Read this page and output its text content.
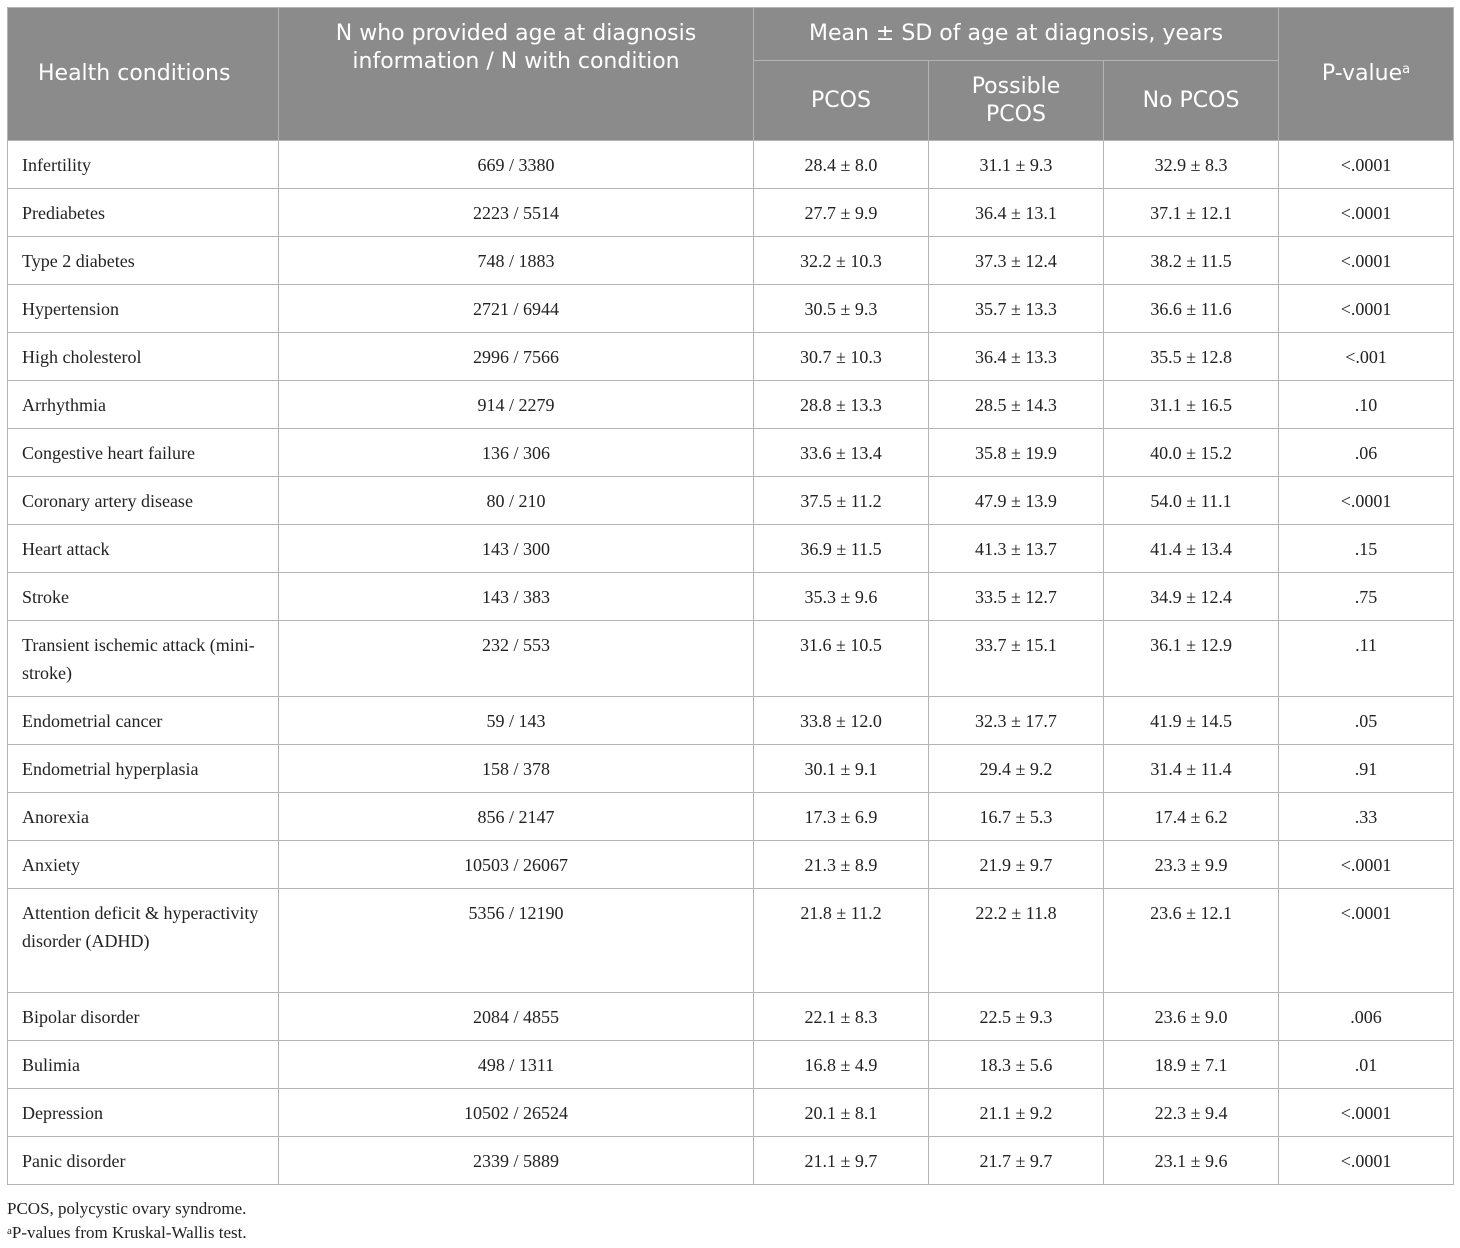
Health conditions	N who provided age at diagnosis information / N with condition	Mean ± SD of age at diagnosis, years			P-value$^a$
		PCOS	Possible PCOS	No PCOS	
Infertility	669 / 3380	28.4 ± 8.0	31.1 ± 9.3	32.9 ± 8.3	<.0001
Prediabetes	2223 / 5514	27.7 ± 9.9	36.4 ± 13.1	37.1 ± 12.1	<.0001
Type 2 diabetes	748 / 1883	32.2 ± 10.3	37.3 ± 12.4	38.2 ± 11.5	<.0001
Hypertension	2721 / 6944	30.5 ± 9.3	35.7 ± 13.3	36.6 ± 11.6	<.0001
High cholesterol	2996 / 7566	30.7 ± 10.3	36.4 ± 13.3	35.5 ± 12.8	<.001
Arrhythmia	914 / 2279	28.8 ± 13.3	28.5 ± 14.3	31.1 ± 16.5	.10
Congestive heart failure	136 / 306	33.6 ± 13.4	35.8 ± 19.9	40.0 ± 15.2	.06
Coronary artery disease	80 / 210	37.5 ± 11.2	47.9 ± 13.9	54.0 ± 11.1	<.0001
Heart attack	143 / 300	36.9 ± 11.5	41.3 ± 13.7	41.4 ± 13.4	.15
Stroke	143 / 383	35.3 ± 9.6	33.5 ± 12.7	34.9 ± 12.4	.75
Transient ischemic attack (mini-stroke)	232 / 553	31.6 ± 10.5	33.7 ± 15.1	36.1 ± 12.9	.11
Endometrial cancer	59 / 143	33.8 ± 12.0	32.3 ± 17.7	41.9 ± 14.5	.05
Endometrial hyperplasia	158 / 378	30.1 ± 9.1	29.4 ± 9.2	31.4 ± 11.4	.91
Anorexia	856 / 2147	17.3 ± 6.9	16.7 ± 5.3	17.4 ± 6.2	.33
Anxiety	10503 / 26067	21.3 ± 8.9	21.9 ± 9.7	23.3 ± 9.9	<.0001
Attention deficit & hyperactivity disorder (ADHD)	5356 / 12190	21.8 ± 11.2	22.2 ± 11.8	23.6 ± 12.1	<.0001
Bipolar disorder	2084 / 4855	22.1 ± 8.3	22.5 ± 9.3	23.6 ± 9.0	.006
Bulimia	498 / 1311	16.8 ± 4.9	18.3 ± 5.6	18.9 ± 7.1	.01
Depression	10502 / 26524	20.1 ± 8.1	21.1 ± 9.2	22.3 ± 9.4	<.0001
Panic disorder	2339 / 5889	21.1 ± 9.7	21.7 ± 9.7	23.1 ± 9.6	<.0001
PCOS, polycystic ovary syndrome.
$^a$P-values from Kruskal-Wallis test.
